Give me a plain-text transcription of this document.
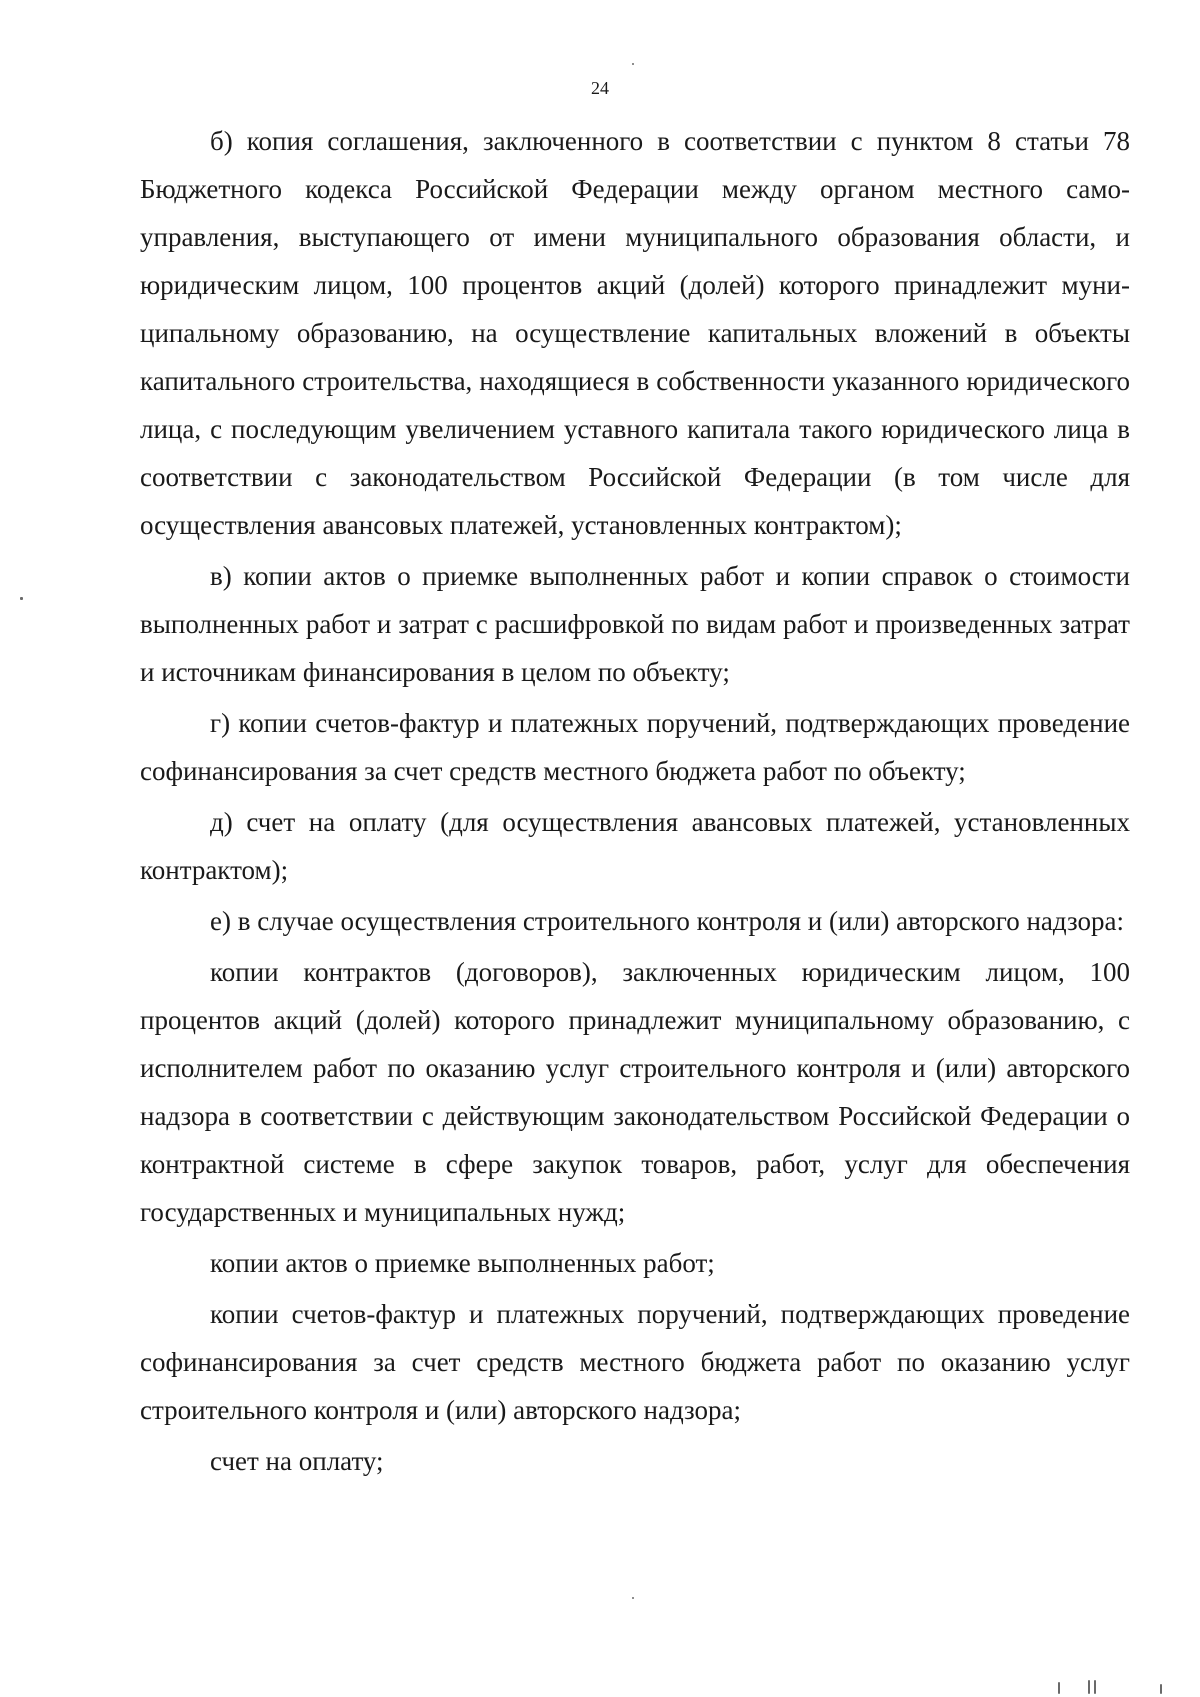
24

б) копия соглашения, заключенного в соответствии с пунктом 8 статьи 78 Бюджетного кодекса Российской Федерации между органом местного самоуправления, выступающего от имени муниципального образования области, и юридическим лицом, 100 процентов акций (долей) которого принадлежит муниципальному образованию, на осуществление капитальных вложений в объекты капитального строительства, находящиеся в собственности указанного юридического лица, с последующим увеличением уставного капитала такого юридического лица в соответствии с законодательством Российской Федерации (в том числе для осуществления авансовых платежей, установленных контрактом);

в) копии актов о приемке выполненных работ и копии справок о стоимости выполненных работ и затрат с расшифровкой по видам работ и произведенных затрат и источникам финансирования в целом по объекту;

г) копии счетов-фактур и платежных поручений, подтверждающих проведение софинансирования за счет средств местного бюджета работ по объекту;

д) счет на оплату (для осуществления авансовых платежей, установленных контрактом);

е) в случае осуществления строительного контроля и (или) авторского надзора:

копии контрактов (договоров), заключенных юридическим лицом, 100 процентов акций (долей) которого принадлежит муниципальному образованию, с исполнителем работ по оказанию услуг строительного контроля и (или) авторского надзора в соответствии с действующим законодательством Российской Федерации о контрактной системе в сфере закупок товаров, работ, услуг для обеспечения государственных и муниципальных нужд;

копии актов о приемке выполненных работ;

копии счетов-фактур и платежных поручений, подтверждающих проведение софинансирования за счет средств местного бюджета работ по оказанию услуг строительного контроля и (или) авторского надзора;

счет на оплату;
